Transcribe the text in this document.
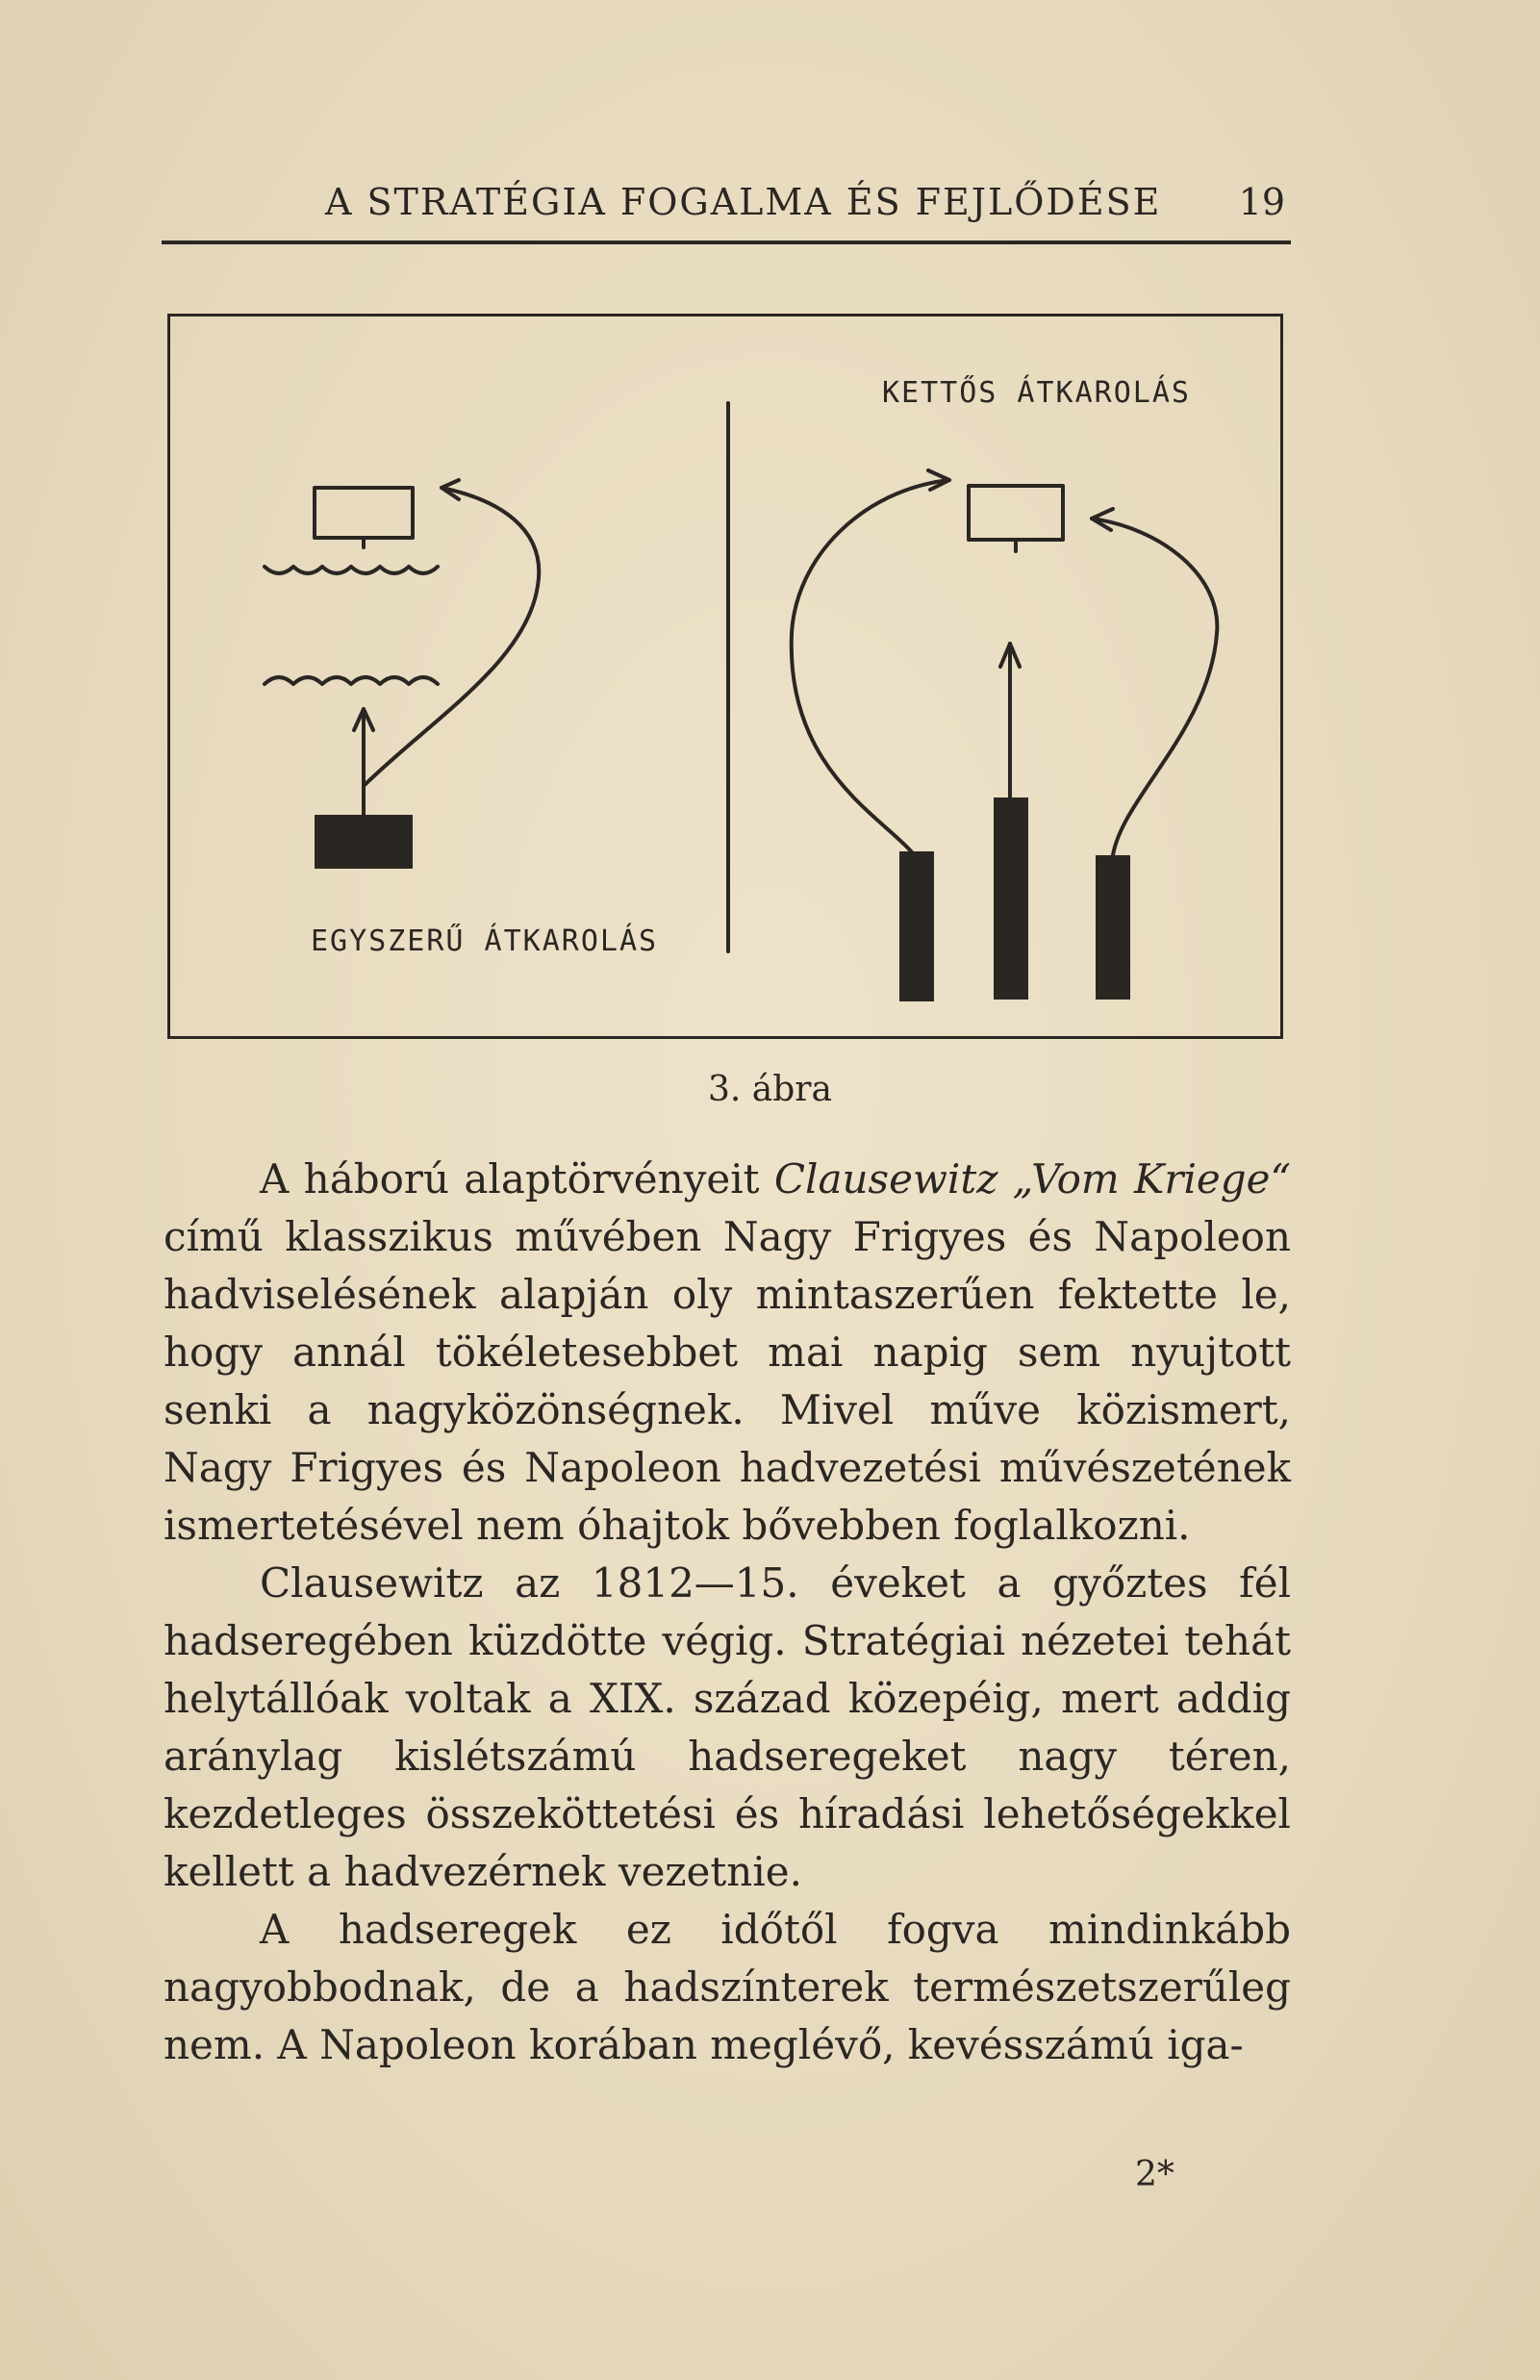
A STRATÉGIA FOGALMA ÉS FEJLŐDÉSE 19
KETTŐS ÁTKAROLÁS
EGYSZERŰ ÁTKAROLÁS
3. ábra

A háború alaptörvényeit Clausewitz „Vom Kriege“ című klasszikus művében Nagy Frigyes és Napoleon hadviselésének alapján oly mintaszerűen fektette le, hogy annál tökéletesebbet mai napig sem nyujtott senki a nagyközönségnek. Mivel műve közismert, Nagy Frigyes és Napoleon hadvezetési művészetének ismertetésével nem óhajtok bővebben foglalkozni.

Clausewitz az 1812—15. éveket a győztes fél hadseregében küzdötte végig. Stratégiai nézetei tehát helytállóak voltak a XIX. század közepéig, mert addig aránylag kislétszámú hadseregeket nagy téren, kezdetleges összeköttetési és híradási lehetőségekkel kellett a hadvezérnek vezetnie.

A hadseregek ez időtől fogva mindinkább nagyobbodnak, de a hadszínterek természetszerűleg nem. A Napoleon korában meglévő, kevésszámú iga-

2*
